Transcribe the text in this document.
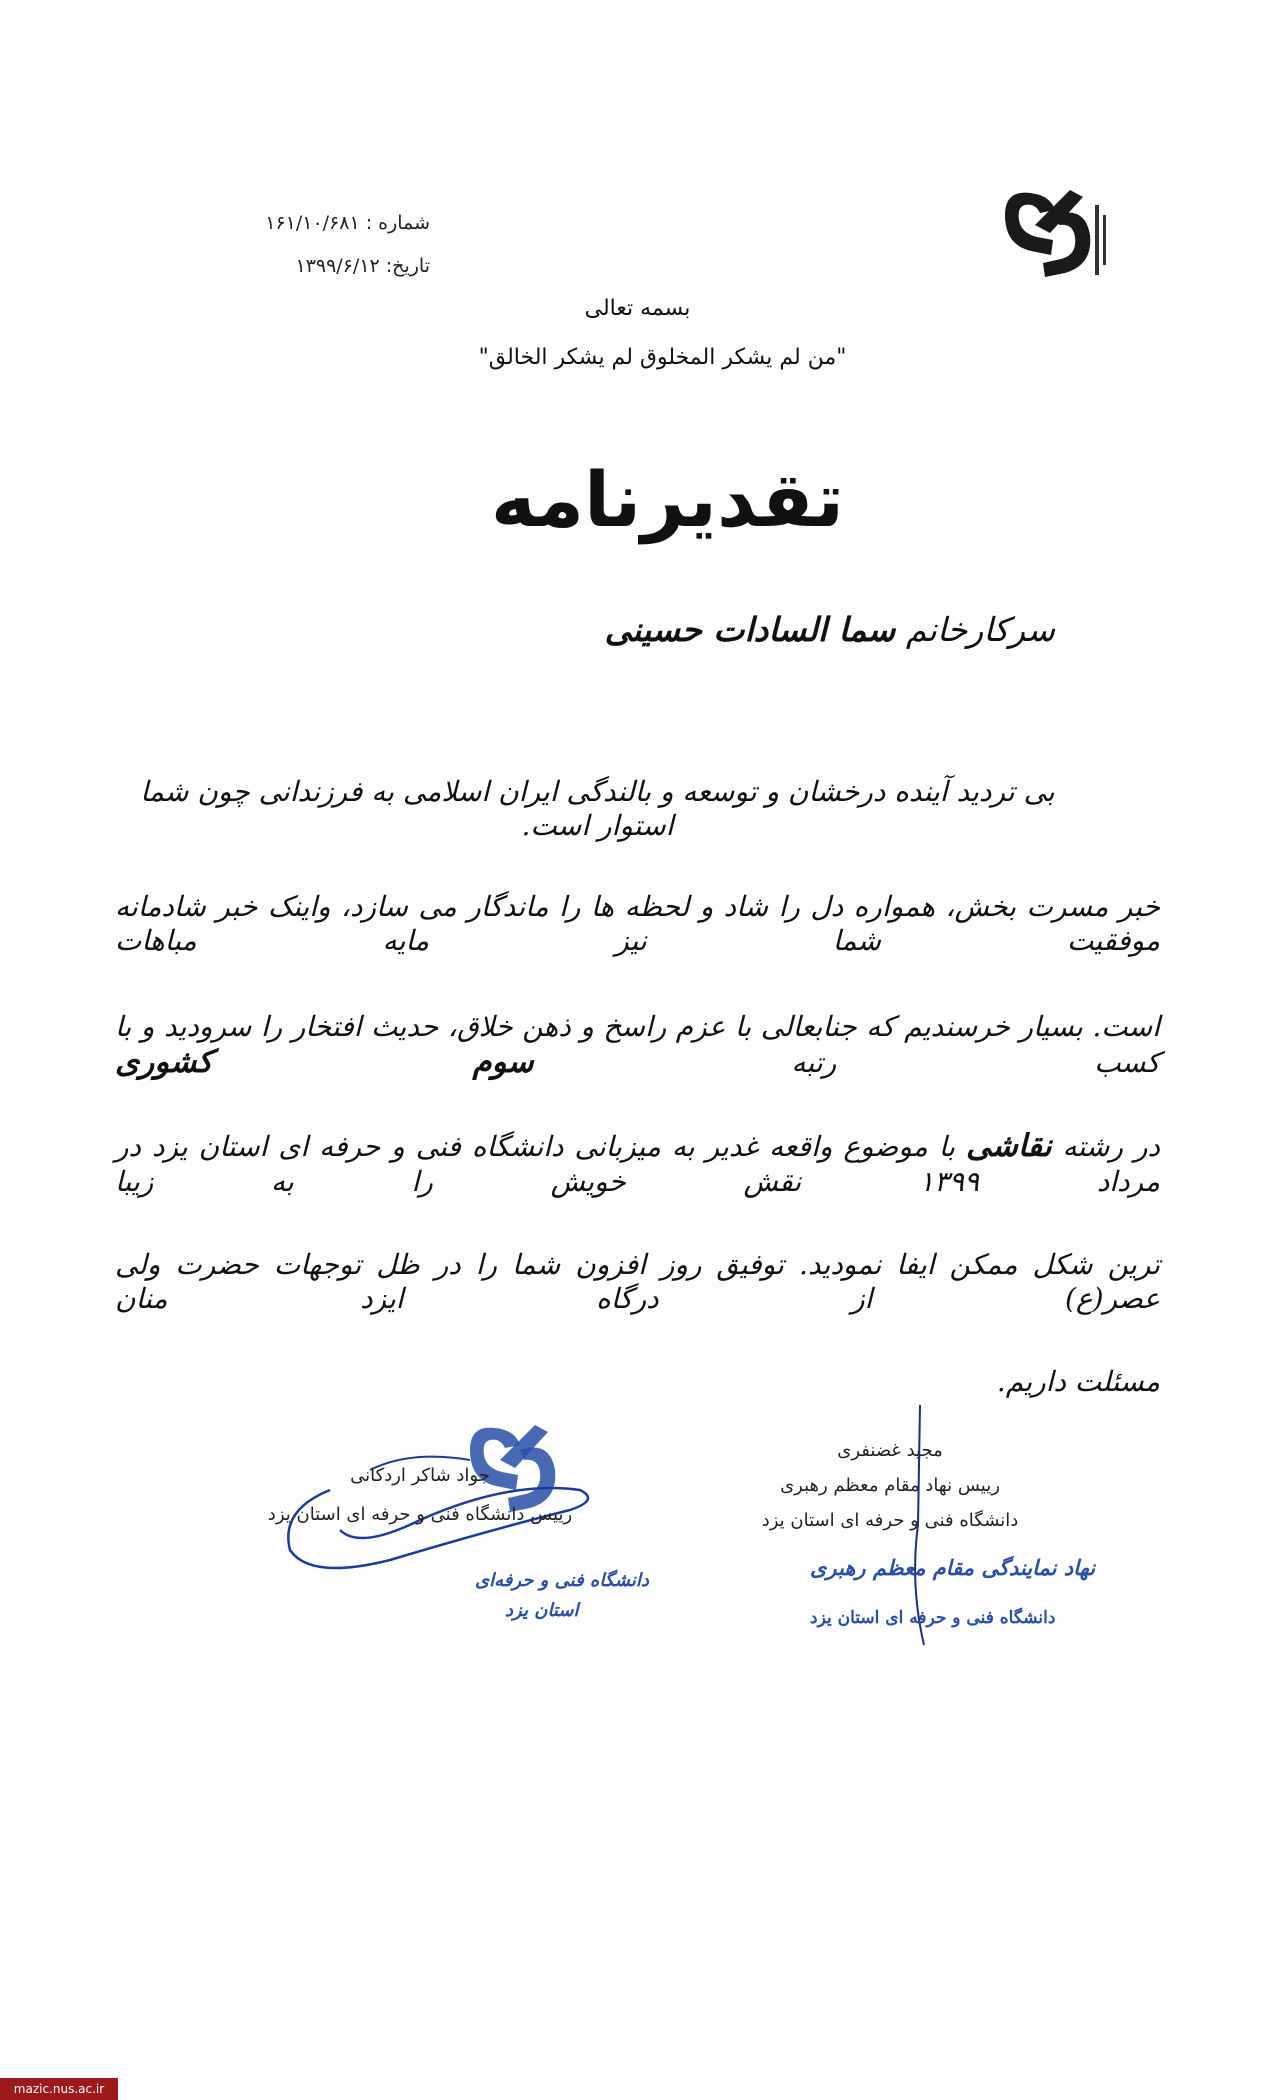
شماره : ۱۶۱/۱۰/۶۸۱
تاریخ: ۱۳۹۹/۶/۱۲
بسمه تعالی
"من لم یشکر المخلوق لم یشکر الخالق"
تقدیرنامه
سرکارخانم سما السادات حسینی
بی تردید آینده درخشان و توسعه و بالندگی ایران اسلامی به فرزندانی چون شما استوار است.
خبر مسرت بخش، همواره دل را شاد و لحظه ها را ماندگار می سازد، واینک خبر شادمانه موفقیت شما نیز مایه مباهات
است. بسیار خرسندیم که جنابعالی با عزم راسخ و ذهن خلاق، حدیث افتخار را سرودید و با کسب رتبه سوم کشوری
در رشته نقاشی با موضوع واقعه غدیر به میزبانی دانشگاه فنی و حرفه ای استان یزد در مرداد ۱۳۹۹ نقش خویش را به زیبا
ترین شکل ممکن ایفا نمودید. توفیق روز افزون شما را در ظل توجهات حضرت ولی عصر(ع) از درگاه ایزد منان
مسئلت داریم.
مجید غضنفری
رییس نهاد مقام معظم رهبری
دانشگاه فنی و حرفه ای استان یزد
نهاد نمایندگی مقام معظم رهبری
دانشگاه فنی و حرفه ای استان یزد
جواد شاکر اردکانی
رییس دانشگاه فنی و حرفه ای استان یزد
دانشگاه فنی و حرفه‌ای
استان یزد
mazic.nus.ac.ir
